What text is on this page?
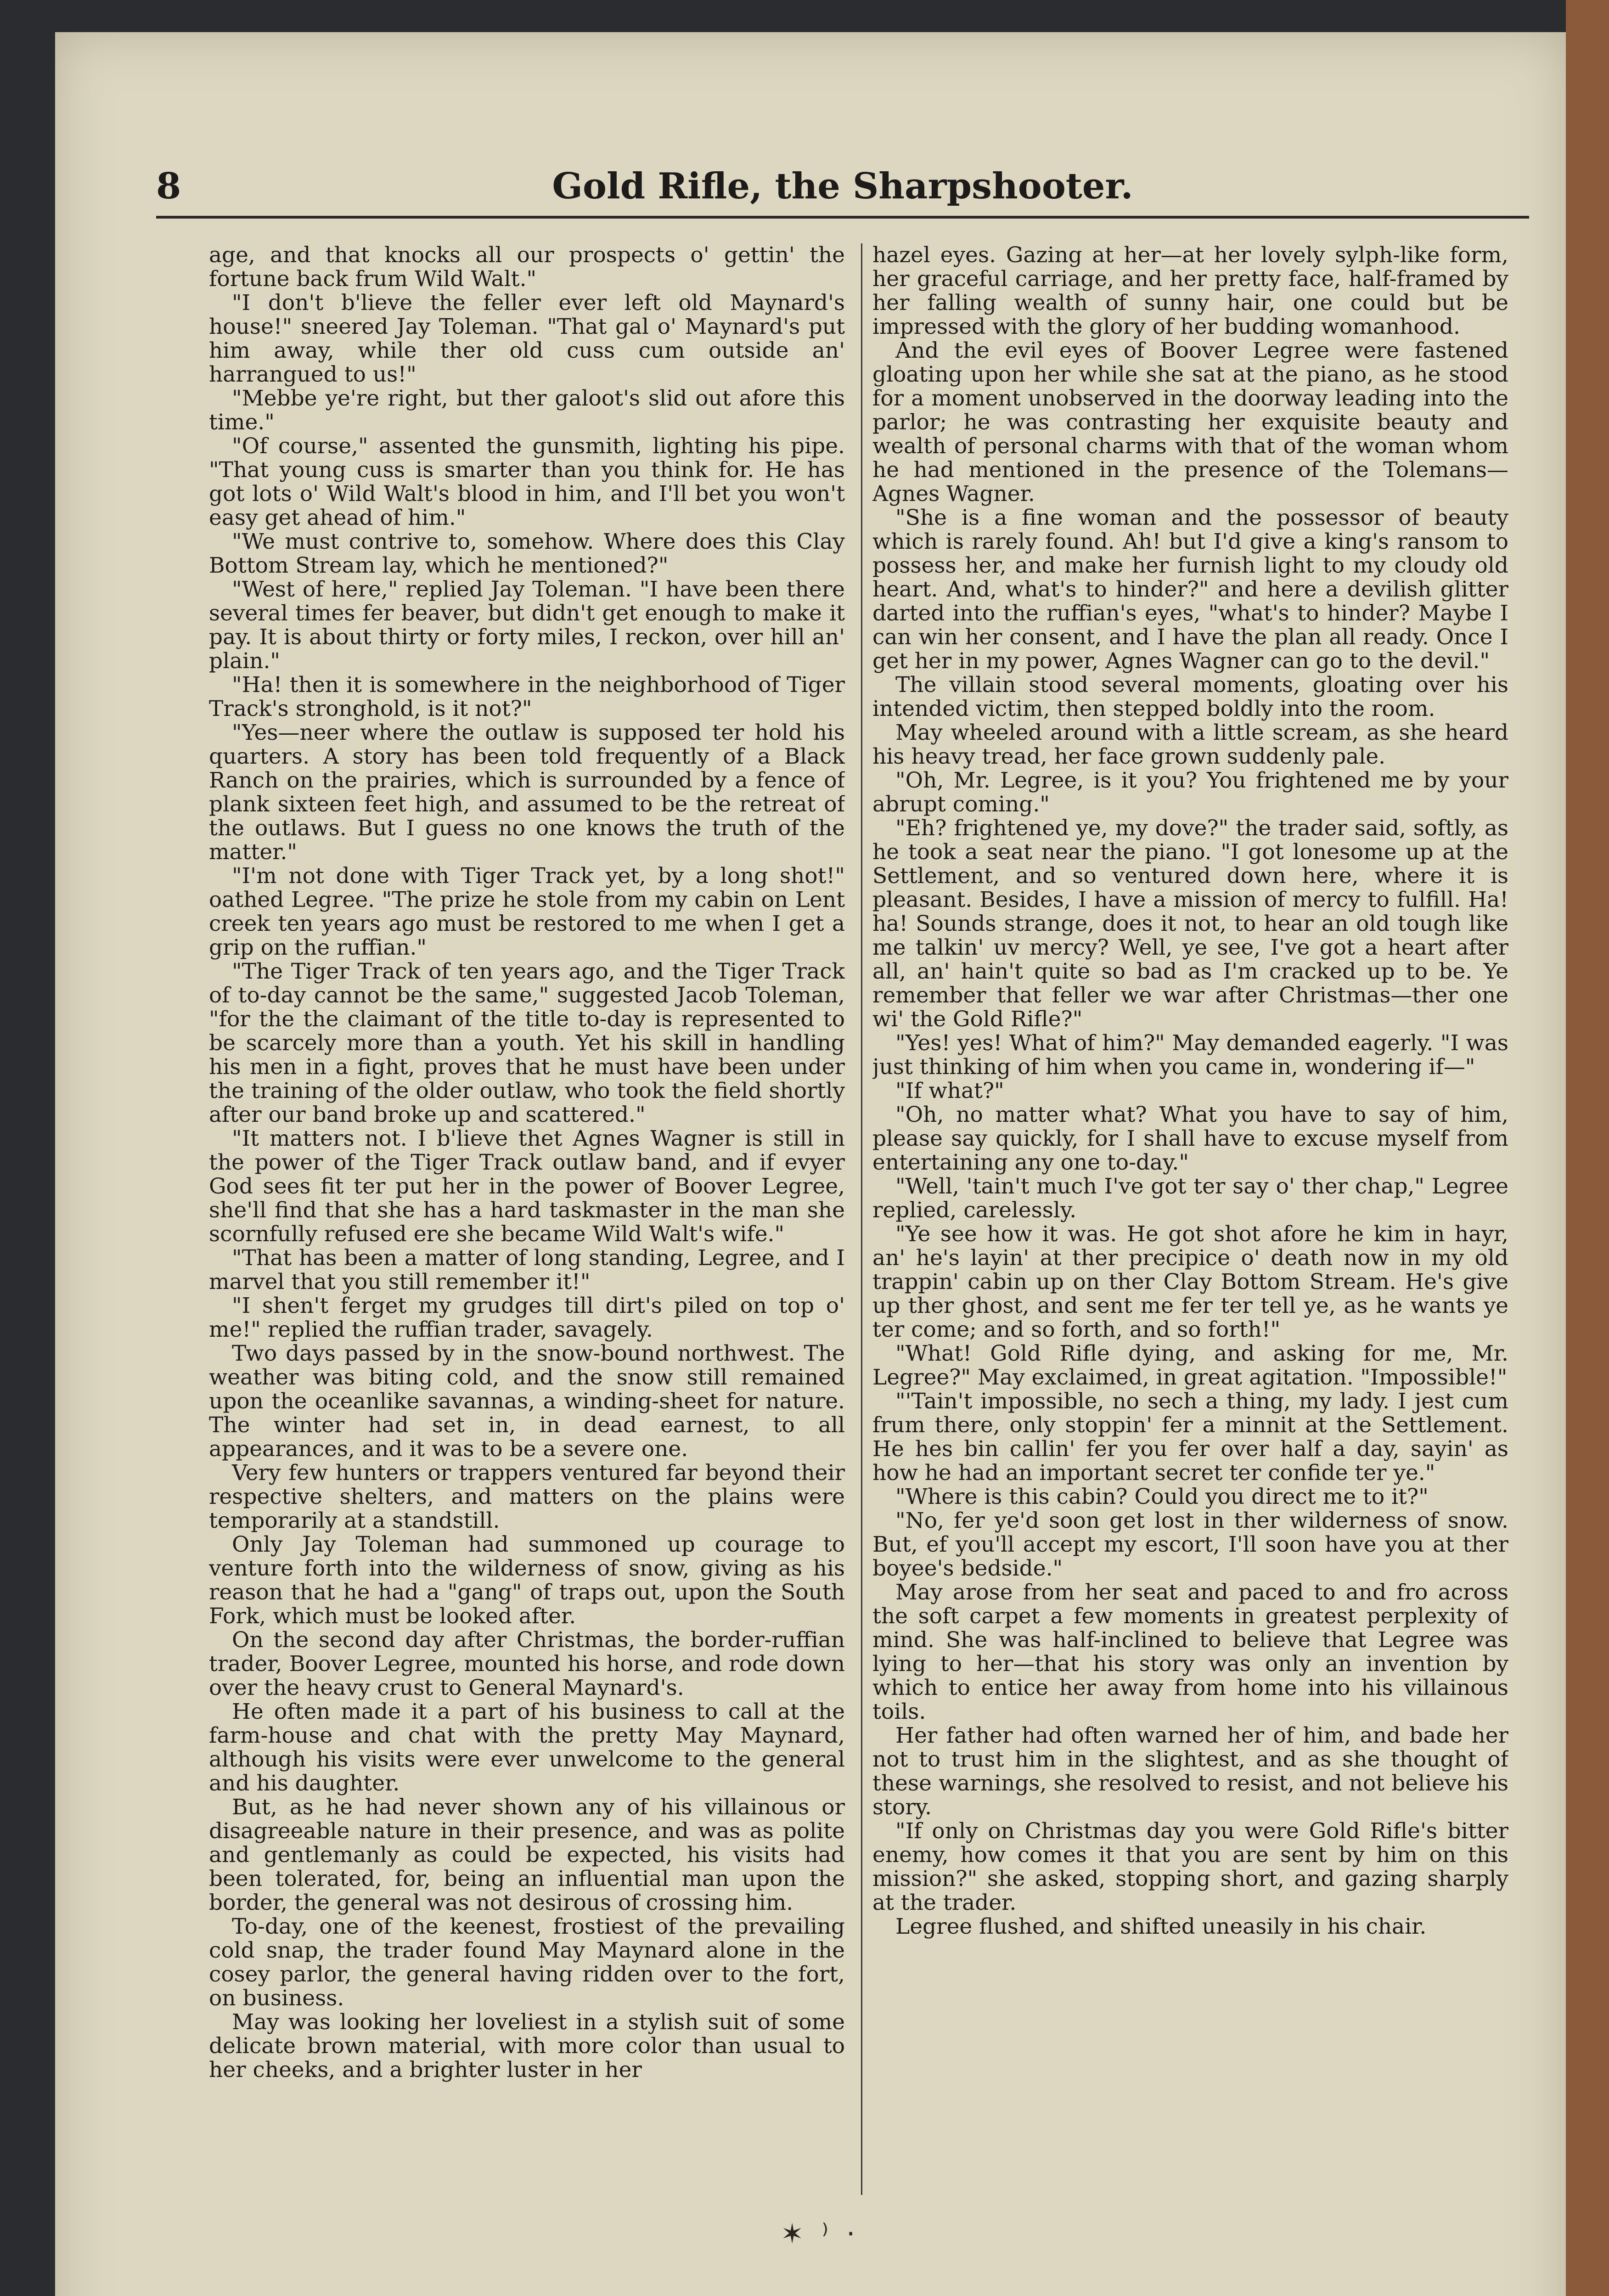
8	Gold Rifle, the Sharpshooter.

age, and that knocks all our prospects o' gettin' the fortune back frum Wild Walt."

"I don't b'lieve the feller ever left old Maynard's house!" sneered Jay Toleman. "That gal o' Maynard's put him away, while ther old cuss cum outside an' harrangued to us!"

"Mebbe ye're right, but ther galoot's slid out afore this time."

"Of course," assented the gunsmith, lighting his pipe. "That young cuss is smarter than you think for. He has got lots o' Wild Walt's blood in him, and I'll bet you won't easy get ahead of him."

"We must contrive to, somehow. Where does this Clay Bottom Stream lay, which he mentioned?"

"West of here," replied Jay Toleman. "I have been there several times fer beaver, but didn't get enough to make it pay. It is about thirty or forty miles, I reckon, over hill an' plain."

"Ha! then it is somewhere in the neighborhood of Tiger Track's stronghold, is it not?"

"Yes—neer where the outlaw is supposed ter hold his quarters. A story has been told frequently of a Black Ranch on the prairies, which is surrounded by a fence of plank sixteen feet high, and assumed to be the retreat of the outlaws. But I guess no one knows the truth of the matter."

"I'm not done with Tiger Track yet, by a long shot!" oathed Legree. "The prize he stole from my cabin on Lent creek ten years ago must be restored to me when I get a grip on the ruffian."

"The Tiger Track of ten years ago, and the Tiger Track of to-day cannot be the same," suggested Jacob Toleman, "for the the claimant of the title to-day is represented to be scarcely more than a youth. Yet his skill in handling his men in a fight, proves that he must have been under the training of the older outlaw, who took the field shortly after our band broke up and scattered."

"It matters not. I b'lieve thet Agnes Wagner is still in the power of the Tiger Track outlaw band, and if evyer God sees fit ter put her in the power of Boover Legree, she'll find that she has a hard taskmaster in the man she scornfully refused ere she became Wild Walt's wife."

"That has been a matter of long standing, Legree, and I marvel that you still remember it!"

"I shen't ferget my grudges till dirt's piled on top o' me!" replied the ruffian trader, savagely.

Two days passed by in the snow-bound northwest. The weather was biting cold, and the snow still remained upon the oceanlike savannas, a winding-sheet for nature. The winter had set in, in dead earnest, to all appearances, and it was to be a severe one.

Very few hunters or trappers ventured far beyond their respective shelters, and matters on the plains were temporarily at a standstill.

Only Jay Toleman had summoned up courage to venture forth into the wilderness of snow, giving as his reason that he had a "gang" of traps out, upon the South Fork, which must be looked after.

On the second day after Christmas, the border-ruffian trader, Boover Legree, mounted his horse, and rode down over the heavy crust to General Maynard's.

He often made it a part of his business to call at the farm-house and chat with the pretty May Maynard, although his visits were ever unwelcome to the general and his daughter.

But, as he had never shown any of his villainous or disagreeable nature in their presence, and was as polite and gentlemanly as could be expected, his visits had been tolerated, for, being an influential man upon the border, the general was not desirous of crossing him.

To-day, one of the keenest, frostiest of the prevailing cold snap, the trader found May Maynard alone in the cosey parlor, the general having ridden over to the fort, on business.

May was looking her loveliest in a stylish suit of some delicate brown material, with more color than usual to her cheeks, and a brighter luster in her

hazel eyes. Gazing at her—at her lovely sylph-like form, her graceful carriage, and her pretty face, half-framed by her falling wealth of sunny hair, one could but be impressed with the glory of her budding womanhood.

And the evil eyes of Boover Legree were fastened gloating upon her while she sat at the piano, as he stood for a moment unobserved in the doorway leading into the parlor; he was contrasting her exquisite beauty and wealth of personal charms with that of the woman whom he had mentioned in the presence of the Tolemans—Agnes Wagner.

"She is a fine woman and the possessor of beauty which is rarely found. Ah! but I'd give a king's ransom to possess her, and make her furnish light to my cloudy old heart. And, what's to hinder?" and here a devilish glitter darted into the ruffian's eyes, "what's to hinder? Maybe I can win her consent, and I have the plan all ready. Once I get her in my power, Agnes Wagner can go to the devil."

The villain stood several moments, gloating over his intended victim, then stepped boldly into the room.

May wheeled around with a little scream, as she heard his heavy tread, her face grown suddenly pale.

"Oh, Mr. Legree, is it you? You frightened me by your abrupt coming."

"Eh? frightened ye, my dove?" the trader said, softly, as he took a seat near the piano. "I got lonesome up at the Settlement, and so ventured down here, where it is pleasant. Besides, I have a mission of mercy to fulfill. Ha! ha! Sounds strange, does it not, to hear an old tough like me talkin' uv mercy? Well, ye see, I've got a heart after all, an' hain't quite so bad as I'm cracked up to be. Ye remember that feller we war after Christmas—ther one wi' the Gold Rifle?"

"Yes! yes! What of him?" May demanded eagerly. "I was just thinking of him when you came in, wondering if—"

"If what?"

"Oh, no matter what? What you have to say of him, please say quickly, for I shall have to excuse myself from entertaining any one to-day."

"Well, 'tain't much I've got ter say o' ther chap," Legree replied, carelessly.

"Ye see how it was. He got shot afore he kim in hayr, an' he's layin' at ther precipice o' death now in my old trappin' cabin up on ther Clay Bottom Stream. He's give up ther ghost, and sent me fer ter tell ye, as he wants ye ter come; and so forth, and so forth!"

"What! Gold Rifle dying, and asking for me, Mr. Legree?" May exclaimed, in great agitation. "Impossible!"

"'Tain't impossible, no sech a thing, my lady. I jest cum frum there, only stoppin' fer a minnit at the Settlement. He hes bin callin' fer you fer over half a day, sayin' as how he had an important secret ter confide ter ye."

"Where is this cabin? Could you direct me to it?"

"No, fer ye'd soon get lost in ther wilderness of snow. But, ef you'll accept my escort, I'll soon have you at ther boyee's bedside."

May arose from her seat and paced to and fro across the soft carpet a few moments in greatest perplexity of mind. She was half-inclined to believe that Legree was lying to her—that his story was only an invention by which to entice her away from home into his villainous toils.

Her father had often warned her of him, and bade her not to trust him in the slightest, and as she thought of these warnings, she resolved to resist, and not believe his story.

"If only on Christmas day you were Gold Rifle's bitter enemy, how comes it that you are sent by him on this mission?" she asked, stopping short, and gazing sharply at the trader.

Legree flushed, and shifted uneasily in his chair.

✶ ⁾ ·
